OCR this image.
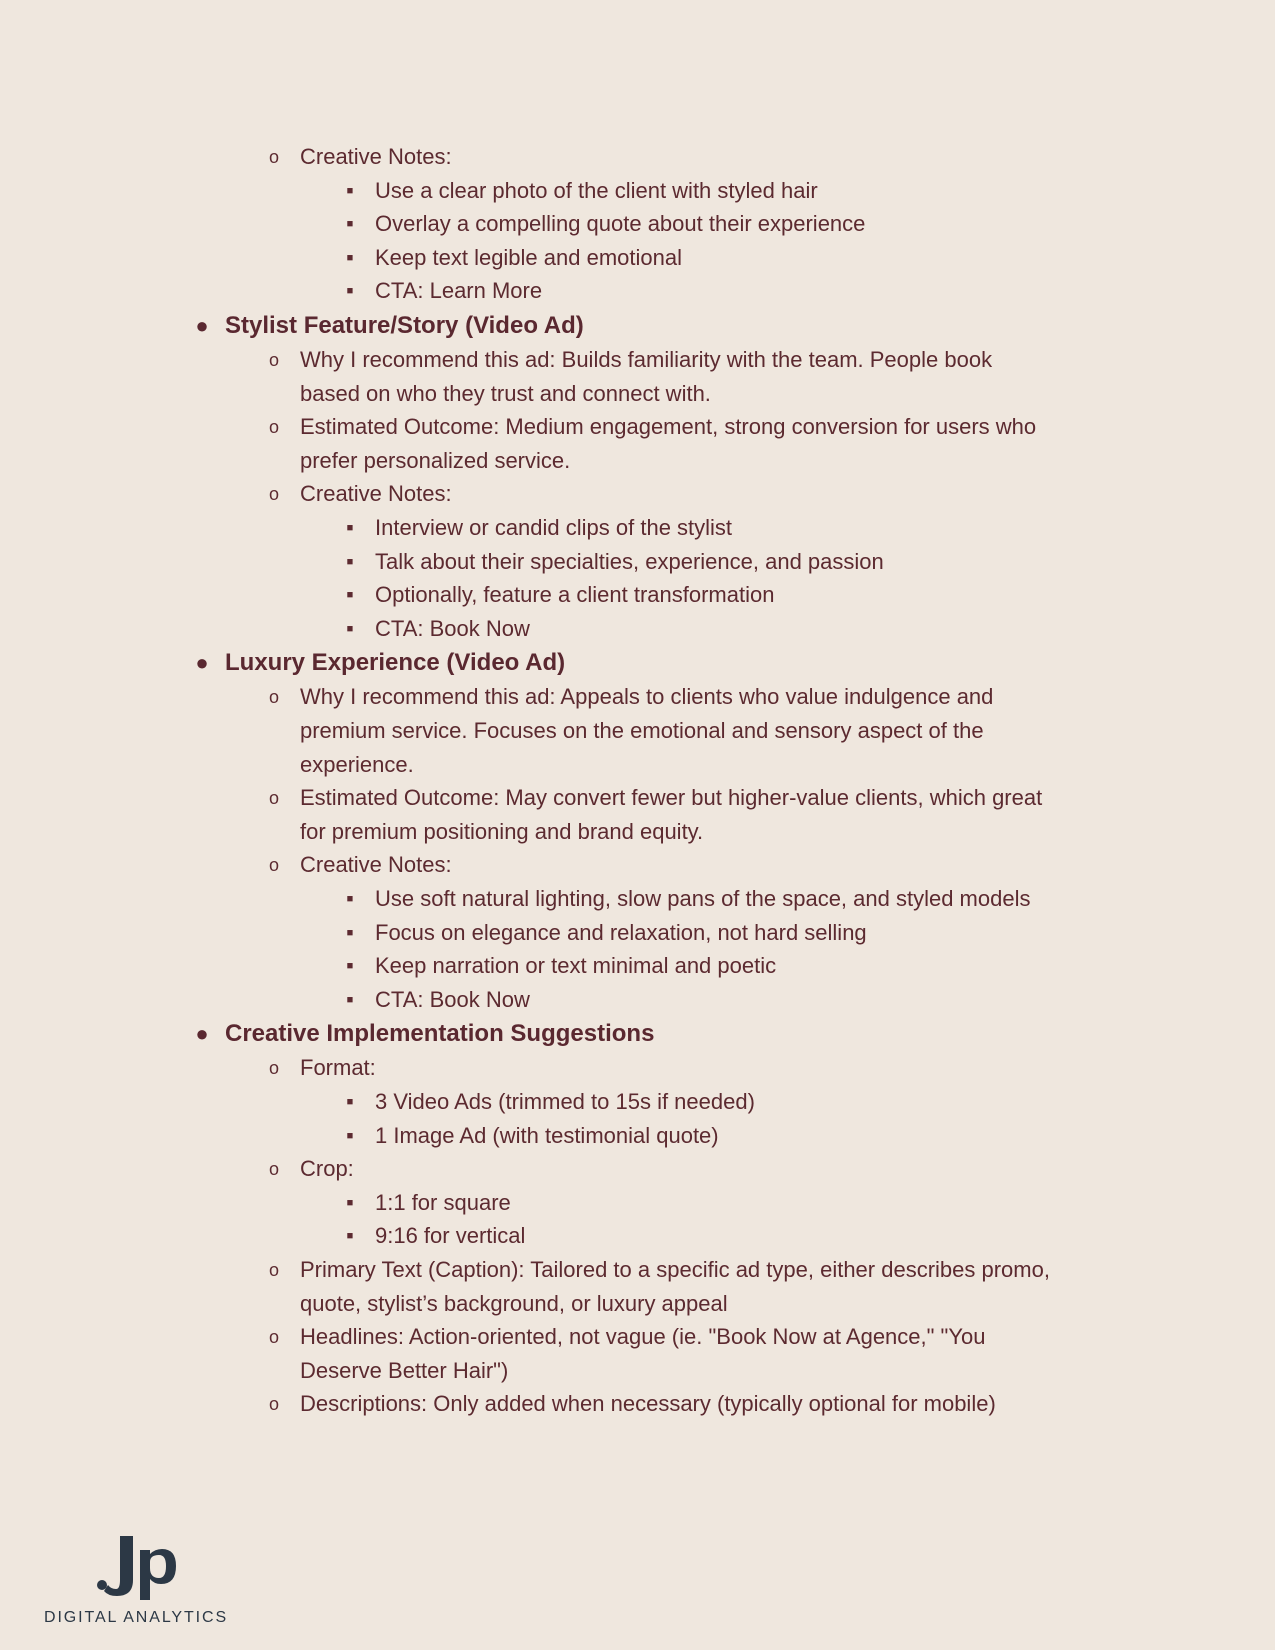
o Creative Notes:
■ Use a clear photo of the client with styled hair
■ Overlay a compelling quote about their experience
■ Keep text legible and emotional
■ CTA: Learn More
● Stylist Feature/Story (Video Ad)
o Why I recommend this ad: Builds familiarity with the team. People book
based on who they trust and connect with.
o Estimated Outcome: Medium engagement, strong conversion for users who
prefer personalized service.
o Creative Notes:
■ Interview or candid clips of the stylist
■ Talk about their specialties, experience, and passion
■ Optionally, feature a client transformation
■ CTA: Book Now
● Luxury Experience (Video Ad)
o Why I recommend this ad: Appeals to clients who value indulgence and
premium service. Focuses on the emotional and sensory aspect of the
experience.
o Estimated Outcome: May convert fewer but higher-value clients, which great
for premium positioning and brand equity.
o Creative Notes:
■ Use soft natural lighting, slow pans of the space, and styled models
■ Focus on elegance and relaxation, not hard selling
■ Keep narration or text minimal and poetic
■ CTA: Book Now
● Creative Implementation Suggestions
o Format:
■ 3 Video Ads (trimmed to 15s if needed)
■ 1 Image Ad (with testimonial quote)
o Crop:
■ 1:1 for square
■ 9:16 for vertical
o Primary Text (Caption): Tailored to a specific ad type, either describes promo,
quote, stylist’s background, or luxury appeal
o Headlines: Action-oriented, not vague (ie. "Book Now at Agence," "You
Deserve Better Hair")
o Descriptions: Only added when necessary (typically optional for mobile)
DIGITAL ANALYTICS
